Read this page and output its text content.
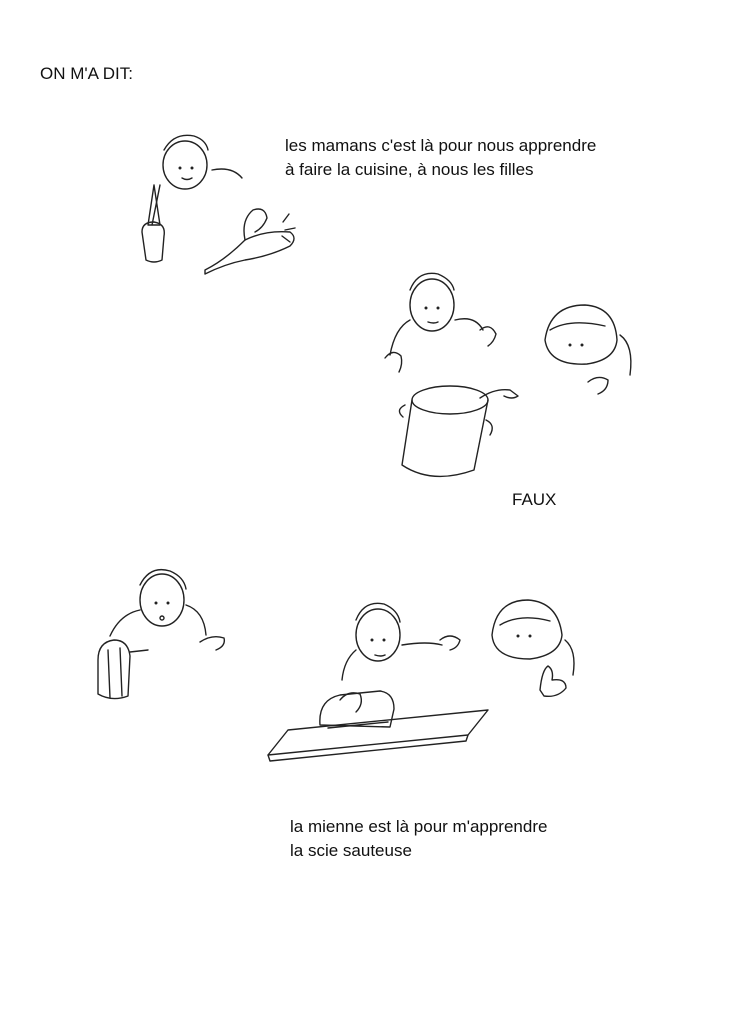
ON M'A DIT:
les mamans c'est là pour nous apprendre
à faire la cuisine, à nous les filles
FAUX
la mienne est là pour m'apprendre
la scie sauteuse
